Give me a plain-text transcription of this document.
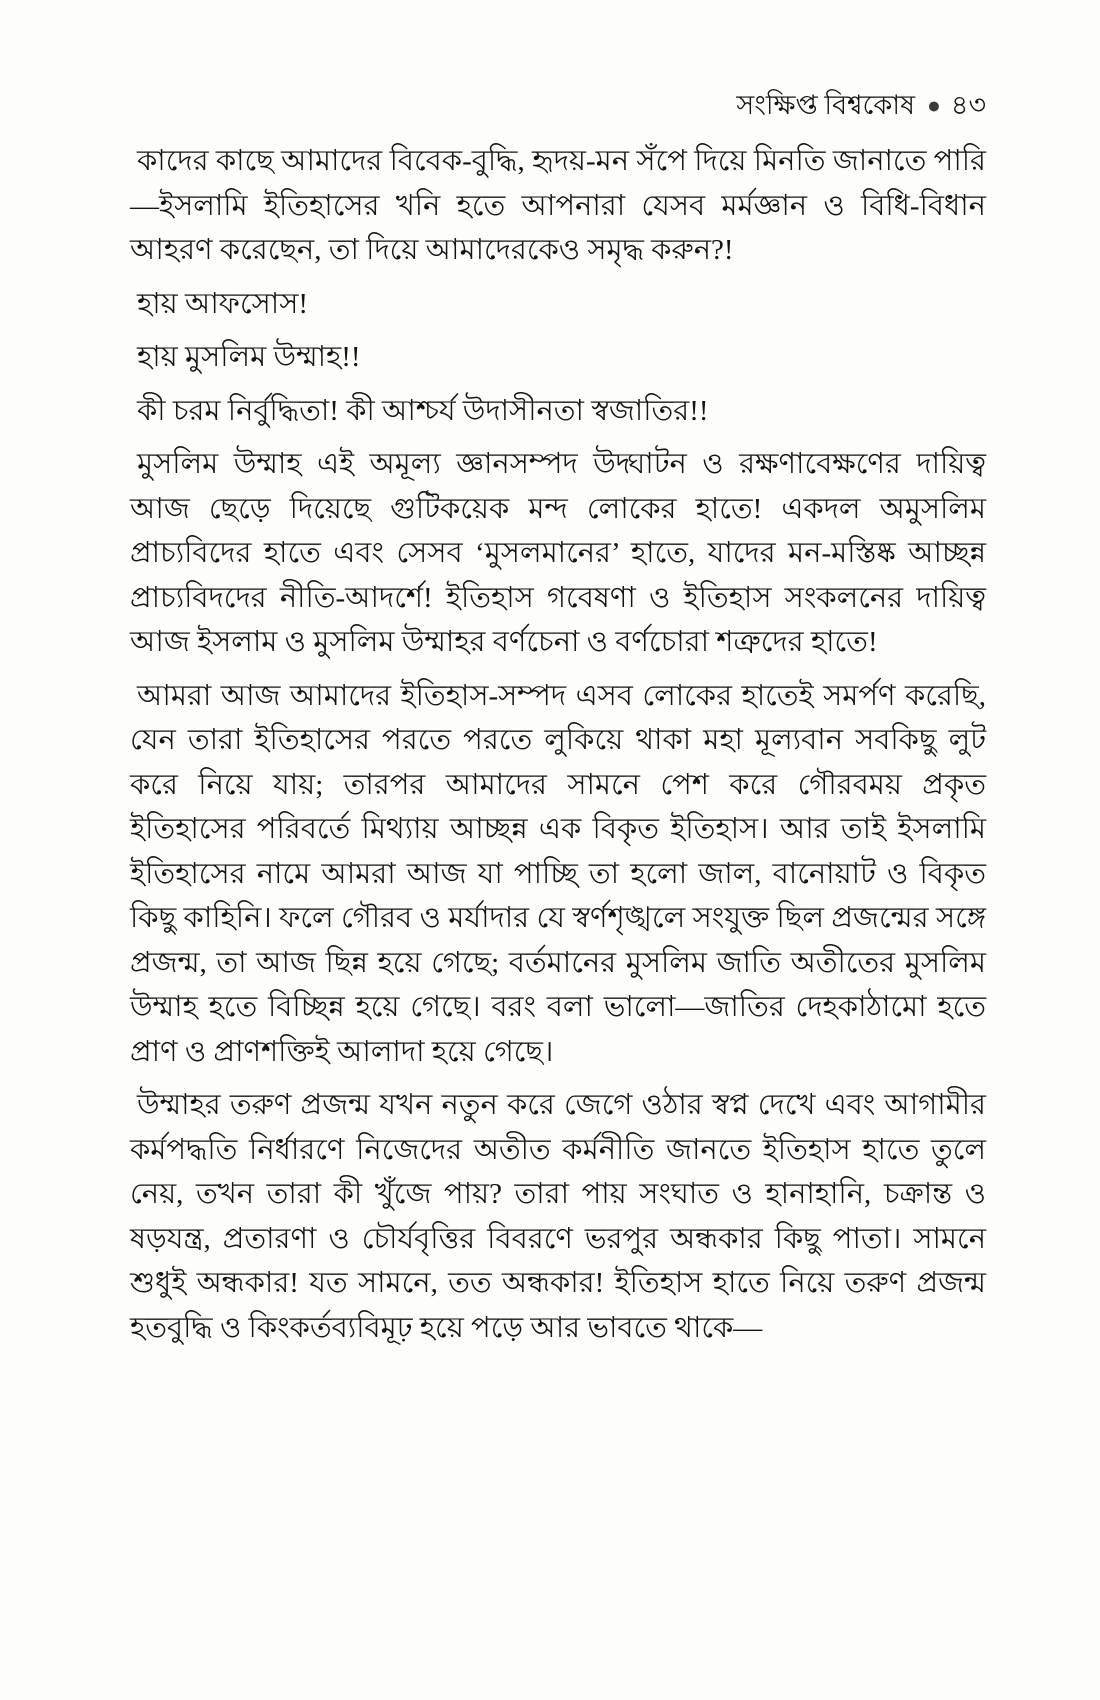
সংক্ষিপ্ত বিশ্বকোষ ● ৪৩

কাদের কাছে আমাদের বিবেক-বুদ্ধি, হৃদয়-মন সঁপে দিয়ে মিনতি জানাতে পারি—ইসলামি ইতিহাসের খনি হতে আপনারা যেসব মর্মজ্ঞান ও বিধি-বিধান আহরণ করেছেন, তা দিয়ে আমাদেরকেও সমৃদ্ধ করুন?!

হায় আফসোস!

হায় মুসলিম উম্মাহ!!

কী চরম নির্বুদ্ধিতা! কী আশ্চর্য উদাসীনতা স্বজাতির!!

মুসলিম উম্মাহ এই অমূল্য জ্ঞানসম্পদ উদ্ঘাটন ও রক্ষণাবেক্ষণের দায়িত্ব আজ ছেড়ে দিয়েছে গুটিকয়েক মন্দ লোকের হাতে! একদল অমুসলিম প্রাচ্যবিদের হাতে এবং সেসব ‘মুসলমানের’ হাতে, যাদের মন-মস্তিষ্ক আচ্ছন্ন প্রাচ্যবিদদের নীতি-আদর্শে! ইতিহাস গবেষণা ও ইতিহাস সংকলনের দায়িত্ব আজ ইসলাম ও মুসলিম উম্মাহর বর্ণচেনা ও বর্ণচোরা শত্রুদের হাতে!

আমরা আজ আমাদের ইতিহাস-সম্পদ এসব লোকের হাতেই সমর্পণ করেছি, যেন তারা ইতিহাসের পরতে পরতে লুকিয়ে থাকা মহা মূল্যবান সবকিছু লুট করে নিয়ে যায়; তারপর আমাদের সামনে পেশ করে গৌরবময় প্রকৃত ইতিহাসের পরিবর্তে মিথ্যায় আচ্ছন্ন এক বিকৃত ইতিহাস। আর তাই ইসলামি ইতিহাসের নামে আমরা আজ যা পাচ্ছি তা হলো জাল, বানোয়াট ও বিকৃত কিছু কাহিনি। ফলে গৌরব ও মর্যাদার যে স্বর্ণশৃঙ্খলে সংযুক্ত ছিল প্রজন্মের সঙ্গে প্রজন্ম, তা আজ ছিন্ন হয়ে গেছে; বর্তমানের মুসলিম জাতি অতীতের মুসলিম উম্মাহ হতে বিচ্ছিন্ন হয়ে গেছে। বরং বলা ভালো—জাতির দেহকাঠামো হতে প্রাণ ও প্রাণশক্তিই আলাদা হয়ে গেছে।

উম্মাহর তরুণ প্রজন্ম যখন নতুন করে জেগে ওঠার স্বপ্ন দেখে এবং আগামীর কর্মপদ্ধতি নির্ধারণে নিজেদের অতীত কর্মনীতি জানতে ইতিহাস হাতে তুলে নেয়, তখন তারা কী খুঁজে পায়? তারা পায় সংঘাত ও হানাহানি, চক্রান্ত ও ষড়যন্ত্র, প্রতারণা ও চৌর্যবৃত্তির বিবরণে ভরপুর অন্ধকার কিছু পাতা। সামনে শুধুই অন্ধকার! যত সামনে, তত অন্ধকার! ইতিহাস হাতে নিয়ে তরুণ প্রজন্ম হতবুদ্ধি ও কিংকর্তব্যবিমূঢ় হয়ে পড়ে আর ভাবতে থাকে—
